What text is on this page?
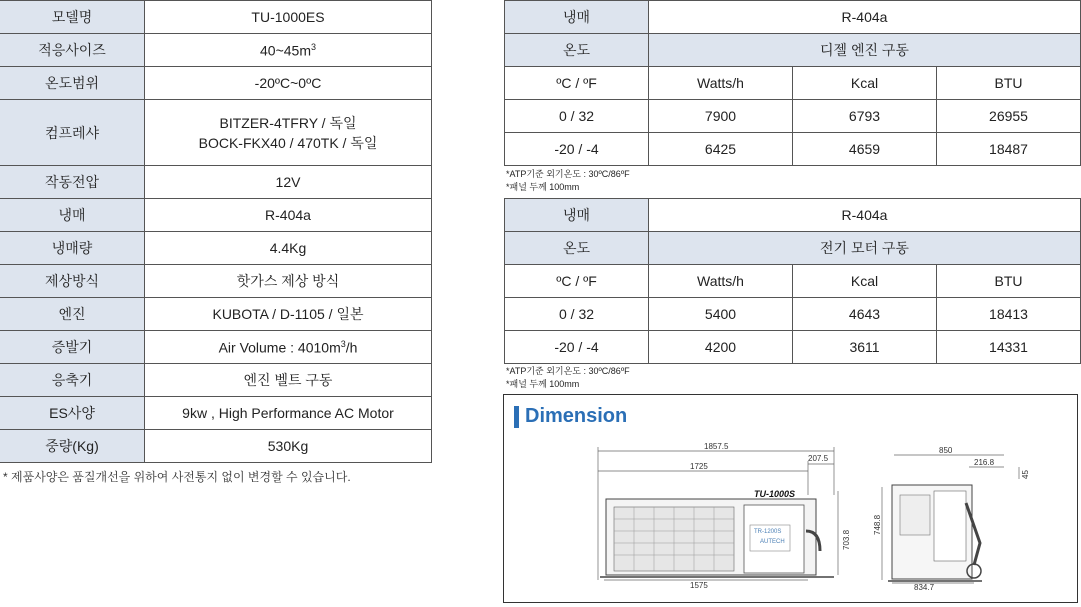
모델명	TU-1000ES
적응사이즈	$40\sim 45m^3$
온도범위	-20ºC~0ºC
컴프레샤	BITZER-4TFRY / 독일
BOCK-FKX40 / 470TK / 독일
작동전압	12V
냉매	R-404a
냉매량	4.4Kg
제상방식	핫가스 제상 방식
엔진	KUBOTA / D-1105 / 일본
증발기	Air Volume : $4010m^3/h$
응축기	엔진 벨트 구동
ES사양	9kw , High Performance AC Motor
중량(Kg)	530Kg
* 제품사양은 품질개선을 위하여 사전통지 없이 변경할 수 있습니다.
냉매	R-404a		
온도	디젤 엔진 구동		
ºC / ºF	Watts/h	Kcal	BTU
0 / 32	7900	6793	26955
-20 / -4	6425	4659	18487
*ATP기준 외기온도 : 30ºC/86ºF
*패널 두께 100mm
냉매	R-404a		
온도	전기 모터 구동		
ºC / ºF	Watts/h	Kcal	BTU
0 / 32	5400	4643	18413
-20 / -4	4200	3611	14331
*ATP기준 외기온도 : 30ºC/86ºF
*패널 두께 100mm
Dimension
1857.5
207.5
1725
1575
703.8
TU-1000S
TR-1200S
AUTECH
850
216.8
45
748.8
834.7
